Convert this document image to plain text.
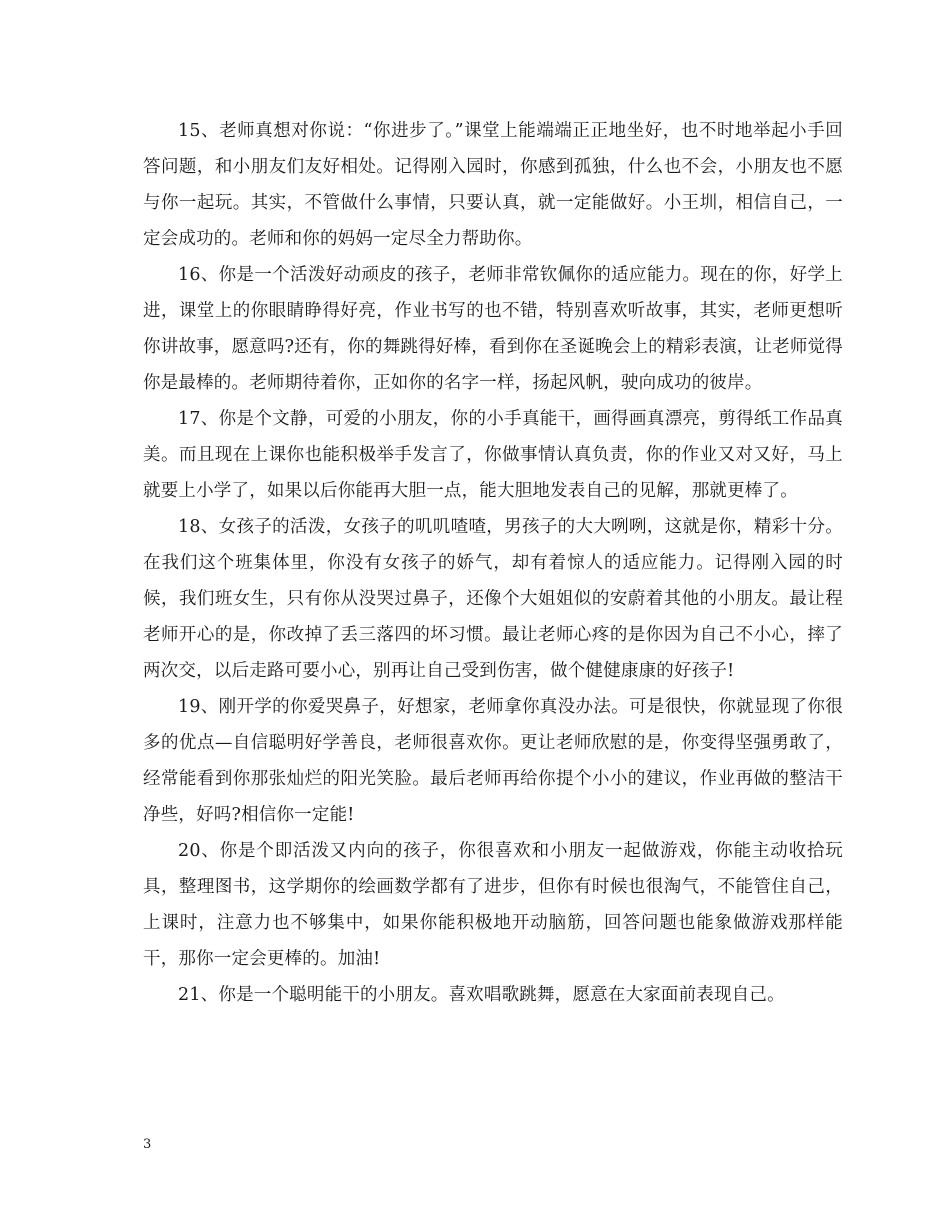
15、老师真想对你说：“你进步了。”课堂上能端端正正地坐好，也不时地举起小手回答问题，和小朋友们友好相处。记得刚入园时，你感到孤独，什么也不会，小朋友也不愿与你一起玩。其实，不管做什么事情，只要认真，就一定能做好。小王圳，相信自己，一定会成功的。老师和你的妈妈一定尽全力帮助你。

16、你是一个活泼好动顽皮的孩子，老师非常钦佩你的适应能力。现在的你，好学上进，课堂上的你眼睛睁得好亮，作业书写的也不错，特别喜欢听故事，其实，老师更想听你讲故事，愿意吗?还有，你的舞跳得好棒，看到你在圣诞晚会上的精彩表演，让老师觉得你是最棒的。老师期待着你，正如你的名字一样，扬起风帆，驶向成功的彼岸。

17、你是个文静，可爱的小朋友，你的小手真能干，画得画真漂亮，剪得纸工作品真美。而且现在上课你也能积极举手发言了，你做事情认真负责，你的作业又对又好，马上就要上小学了，如果以后你能再大胆一点，能大胆地发表自己的见解，那就更棒了。

18、女孩子的活泼，女孩子的叽叽喳喳，男孩子的大大咧咧，这就是你，精彩十分。在我们这个班集体里，你没有女孩子的娇气，却有着惊人的适应能力。记得刚入园的时候，我们班女生，只有你从没哭过鼻子，还像个大姐姐似的安蔚着其他的小朋友。最让程老师开心的是，你改掉了丢三落四的坏习惯。最让老师心疼的是你因为自己不小心，摔了两次交，以后走路可要小心，别再让自己受到伤害，做个健健康康的好孩子!

19、刚开学的你爱哭鼻子，好想家，老师拿你真没办法。可是很快，你就显现了你很多的优点—自信聪明好学善良，老师很喜欢你。更让老师欣慰的是，你变得坚强勇敢了，经常能看到你那张灿烂的阳光笑脸。最后老师再给你提个小小的建议，作业再做的整洁干净些，好吗?相信你一定能!

20、你是个即活泼又内向的孩子，你很喜欢和小朋友一起做游戏，你能主动收拾玩具，整理图书，这学期你的绘画数学都有了进步，但你有时候也很淘气，不能管住自己，上课时，注意力也不够集中，如果你能积极地开动脑筋，回答问题也能象做游戏那样能干，那你一定会更棒的。加油!

21、你是一个聪明能干的小朋友。喜欢唱歌跳舞，愿意在大家面前表现自己。

3
